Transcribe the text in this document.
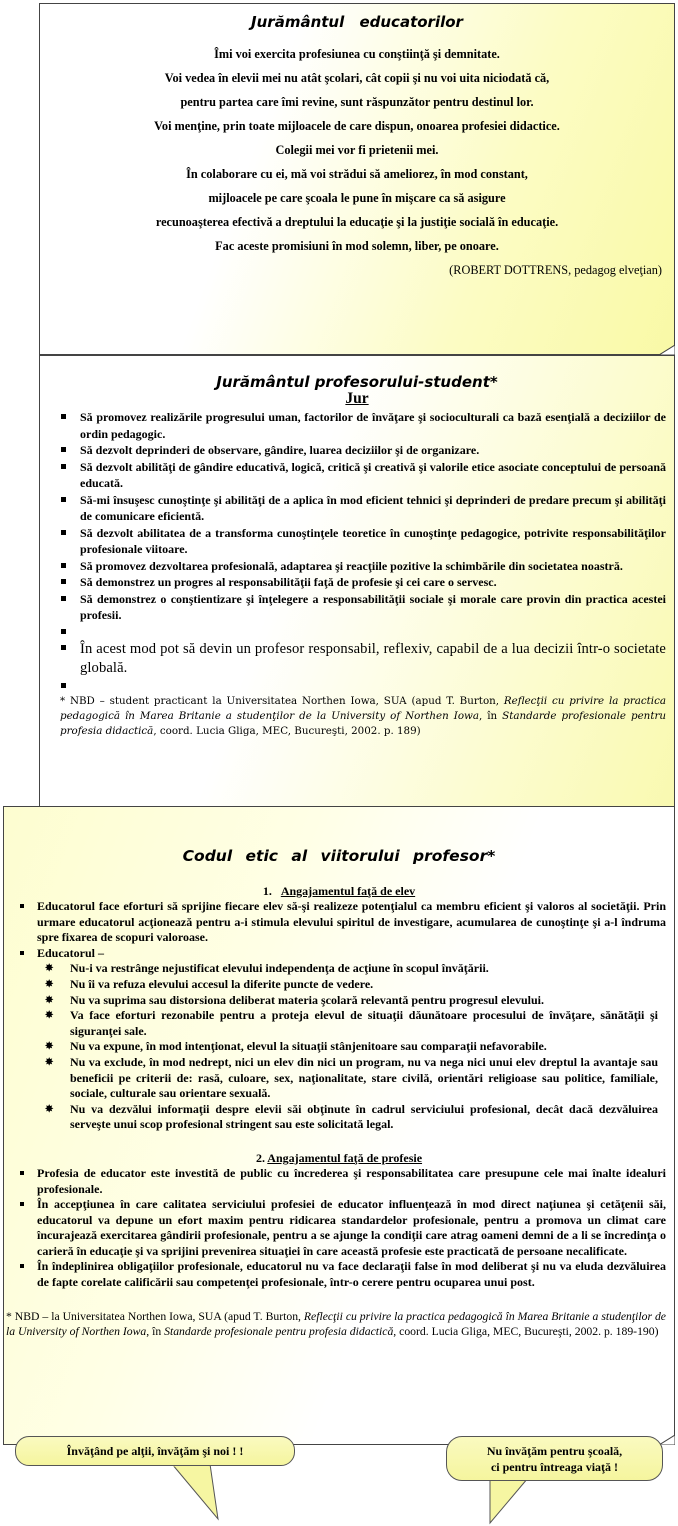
Jurământul educatorilor

Îmi voi exercita profesiunea cu conştiinţă şi demnitate.

Voi vedea în elevii mei nu atât şcolari, cât copii şi nu voi uita niciodată că,

pentru partea care îmi revine, sunt răspunzător pentru destinul lor.

Voi menţine, prin toate mijloacele de care dispun, onoarea profesiei didactice.

Colegii mei vor fi prietenii mei.

În colaborare cu ei, mă voi strădui să ameliorez, în mod constant,

mijloacele pe care şcoala le pune în mişcare ca să asigure

recunoaşterea efectivă a dreptului la educaţie şi la justiţie socială în educaţie.

Fac aceste promisiuni în mod solemn, liber, pe onoare.

(ROBERT DOTTRENS, pedagog elveţian)

Jurământul profesorului-student*
Jur
Să promovez realizările progresului uman, factorilor de învăţare şi socioculturali ca bază esenţială a deciziilor de ordin pedagogic.
Să dezvolt deprinderi de observare, gândire, luarea deciziilor şi de organizare.
Să dezvolt abilităţi de gândire educativă, logică, critică şi creativă şi valorile etice asociate conceptului de persoană educată.
Să-mi însuşesc cunoştinţe şi abilităţi de a aplica în mod eficient tehnici şi deprinderi de predare precum şi abilităţi de comunicare eficientă.
Să dezvolt abilitatea de a transforma cunoştinţele teoretice în cunoştinţe pedagogice, potrivite responsabilităţilor profesionale viitoare.
Să promovez dezvoltarea profesională, adaptarea şi reacţiile pozitive la schimbările din societatea noastră.
Să demonstrez un progres al responsabilităţii faţă de profesie şi cei care o servesc.
Să demonstrez o conştientizare şi înţelegere a responsabilităţii sociale şi morale care provin din practica acestei profesii.
În acest mod pot să devin un profesor responsabil, reflexiv, capabil de a lua decizii într-o societate globală.
* NBD – student practicant la Universitatea Northen Iowa, SUA (apud T. Burton, Reflecţii cu privire la practica pedagogică în Marea Britanie a studenţilor de la University of Northen Iowa, în Standarde profesionale pentru profesia didactică, coord. Lucia Gliga, MEC, Bucureşti, 2002. p. 189)
Codul etic al viitorului profesor*
1. Angajamentul faţă de elev
Educatorul face eforturi să sprijine fiecare elev să-şi realizeze potenţialul ca membru eficient şi valoros al societăţii. Prin urmare educatorul acţionează pentru a-i stimula elevului spiritul de investigare, acumularea de cunoştinţe şi a-l îndruma spre fixarea de scopuri valoroase.
Educatorul –
✸ Nu-i va restrânge nejustificat elevului independenţa de acţiune în scopul învăţării.
✸ Nu îi va refuza elevului accesul la diferite puncte de vedere.
✸ Nu va suprima sau distorsiona deliberat materia şcolară relevantă pentru progresul elevului.
✸ Va face eforturi rezonabile pentru a proteja elevul de situaţii dăunătoare procesului de învăţare, sănătăţii şi siguranţei sale.
✸ Nu va expune, în mod intenţionat, elevul la situaţii stânjenitoare sau comparaţii nefavorabile.
✸ Nu va exclude, în mod nedrept, nici un elev din nici un program, nu va nega nici unui elev dreptul la avantaje sau beneficii pe criterii de: rasă, culoare, sex, naţionalitate, stare civilă, orientări religioase sau politice, familiale, sociale, culturale sau orientare sexuală.
✸ Nu va dezvălui informaţii despre elevii săi obţinute în cadrul serviciului profesional, decât dacă dezvăluirea serveşte unui scop profesional stringent sau este solicitată legal.
2. Angajamentul faţă de profesie
Profesia de educator este investită de public cu încrederea şi responsabilitatea care presupune cele mai înalte idealuri profesionale.
În accepţiunea în care calitatea serviciului profesiei de educator influenţează în mod direct naţiunea şi cetăţenii săi, educatorul va depune un efort maxim pentru ridicarea standardelor profesionale, pentru a promova un climat care încurajează exercitarea gândirii profesionale, pentru a se ajunge la condiţii care atrag oameni demni de a li se încredinţa o carieră în educaţie şi va sprijini prevenirea situaţiei în care această profesie este practicată de persoane necalificate.
În îndeplinirea obligaţiilor profesionale, educatorul nu va face declaraţii false în mod deliberat şi nu va eluda dezvăluirea de fapte corelate calificării sau competenţei profesionale, într-o cerere pentru ocuparea unui post.
* NBD – la Universitatea Northen Iowa, SUA (apud T. Burton, Reflecţii cu privire la practica pedagogică în Marea Britanie a studenţilor de la University of Northen Iowa, în Standarde profesionale pentru profesia didactică, coord. Lucia Gliga, MEC, Bucureşti, 2002. p. 189-190)
Învăţând pe alţii, învăţăm şi noi ! !	Nu învăţăm pentru şcoală,
ci pentru întreaga viaţă !
